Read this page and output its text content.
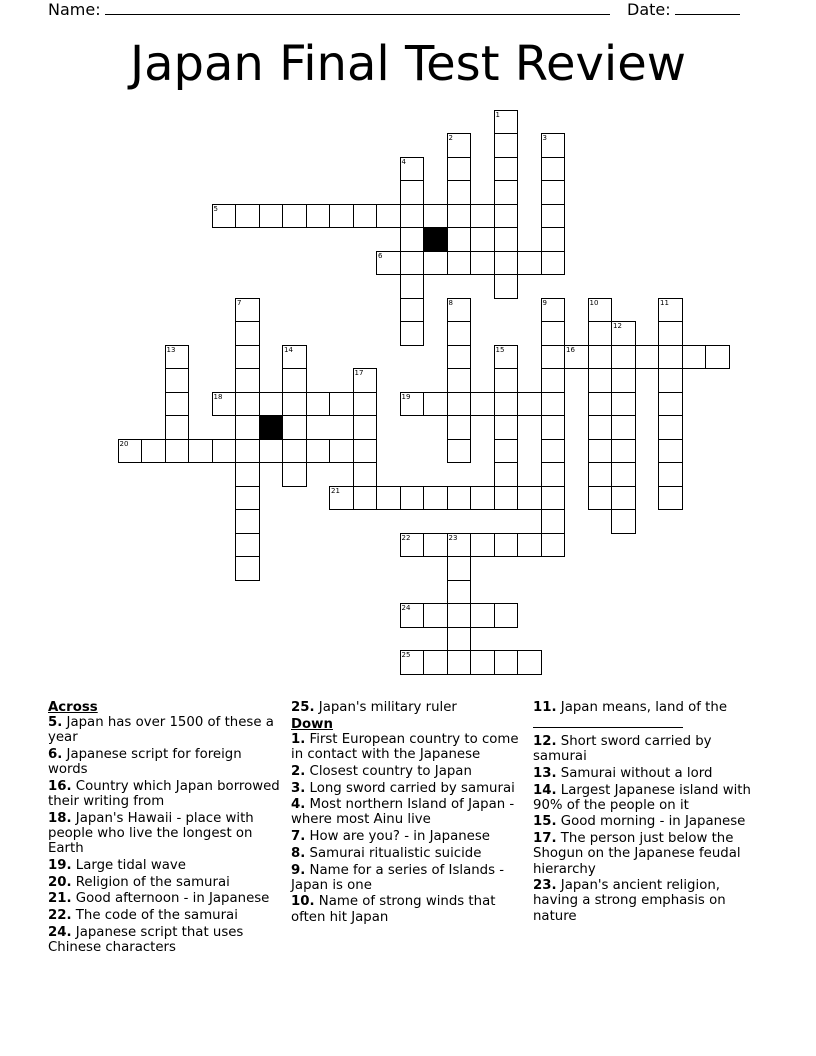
Name:	Date:
Japan Final Test Review
5
6
16
18	19
20
21
22	23
24
25
1
2	3
4
7	8	9	10	11
12
13	14	15
17
Across
5. Japan has over 1500 of these a year
6. Japanese script for foreign words
16. Country which Japan borrowed their writing from
18. Japan's Hawaii - place with people who live the longest on Earth
19. Large tidal wave
20. Religion of the samurai
21. Good afternoon - in Japanese
22. The code of the samurai
24. Japanese script that uses Chinese characters
25. Japan's military ruler
Down
1. First European country to come in contact with the Japanese
2. Closest country to Japan
3. Long sword carried by samurai
4. Most northern Island of Japan - where most Ainu live
7. How are you? - in Japanese
8. Samurai ritualistic suicide
9. Name for a series of Islands - Japan is one
10. Name of strong winds that often hit Japan
11. Japan means, land of the

12. Short sword carried by samurai
13. Samurai without a lord
14. Largest Japanese island with 90% of the people on it
15. Good morning - in Japanese
17. The person just below the Shogun on the Japanese feudal hierarchy
23. Japan's ancient religion, having a strong emphasis on nature
